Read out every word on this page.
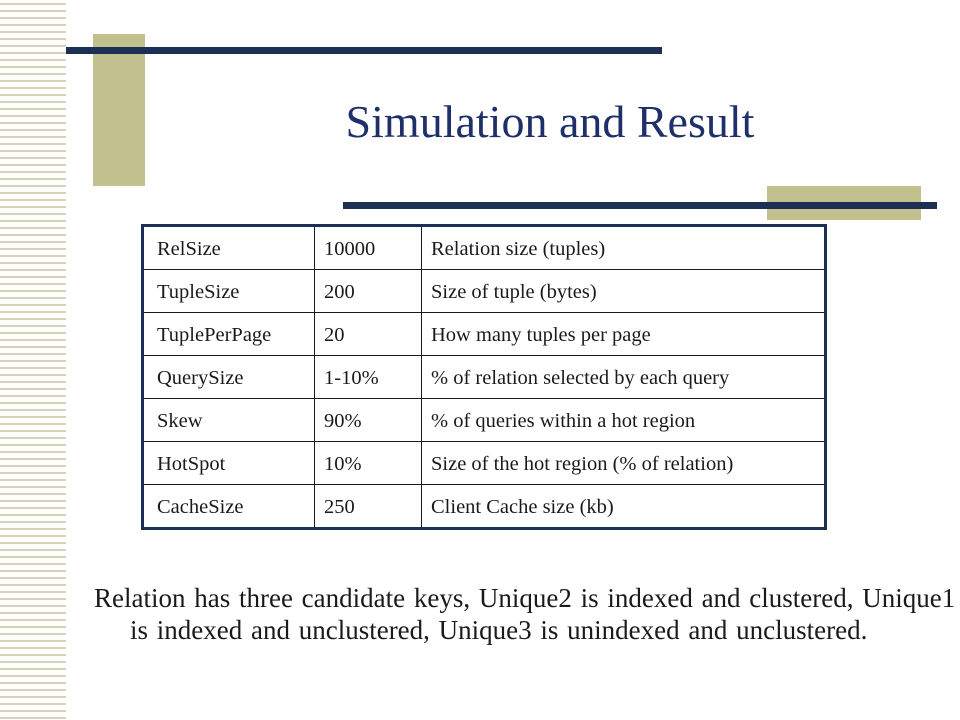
Simulation and Result
RelSize	10000	Relation size (tuples)
TupleSize	200	Size of tuple (bytes)
TuplePerPage	20	How many tuples per page
QuerySize	1-10%	% of relation selected by each query
Skew	90%	% of queries within a hot region
HotSpot	10%	Size of the hot region (% of relation)
CacheSize	250	Client Cache size (kb)

Relation has three candidate keys, Unique2 is indexed and clustered, Unique1 is indexed and unclustered, Unique3 is unindexed and unclustered.
